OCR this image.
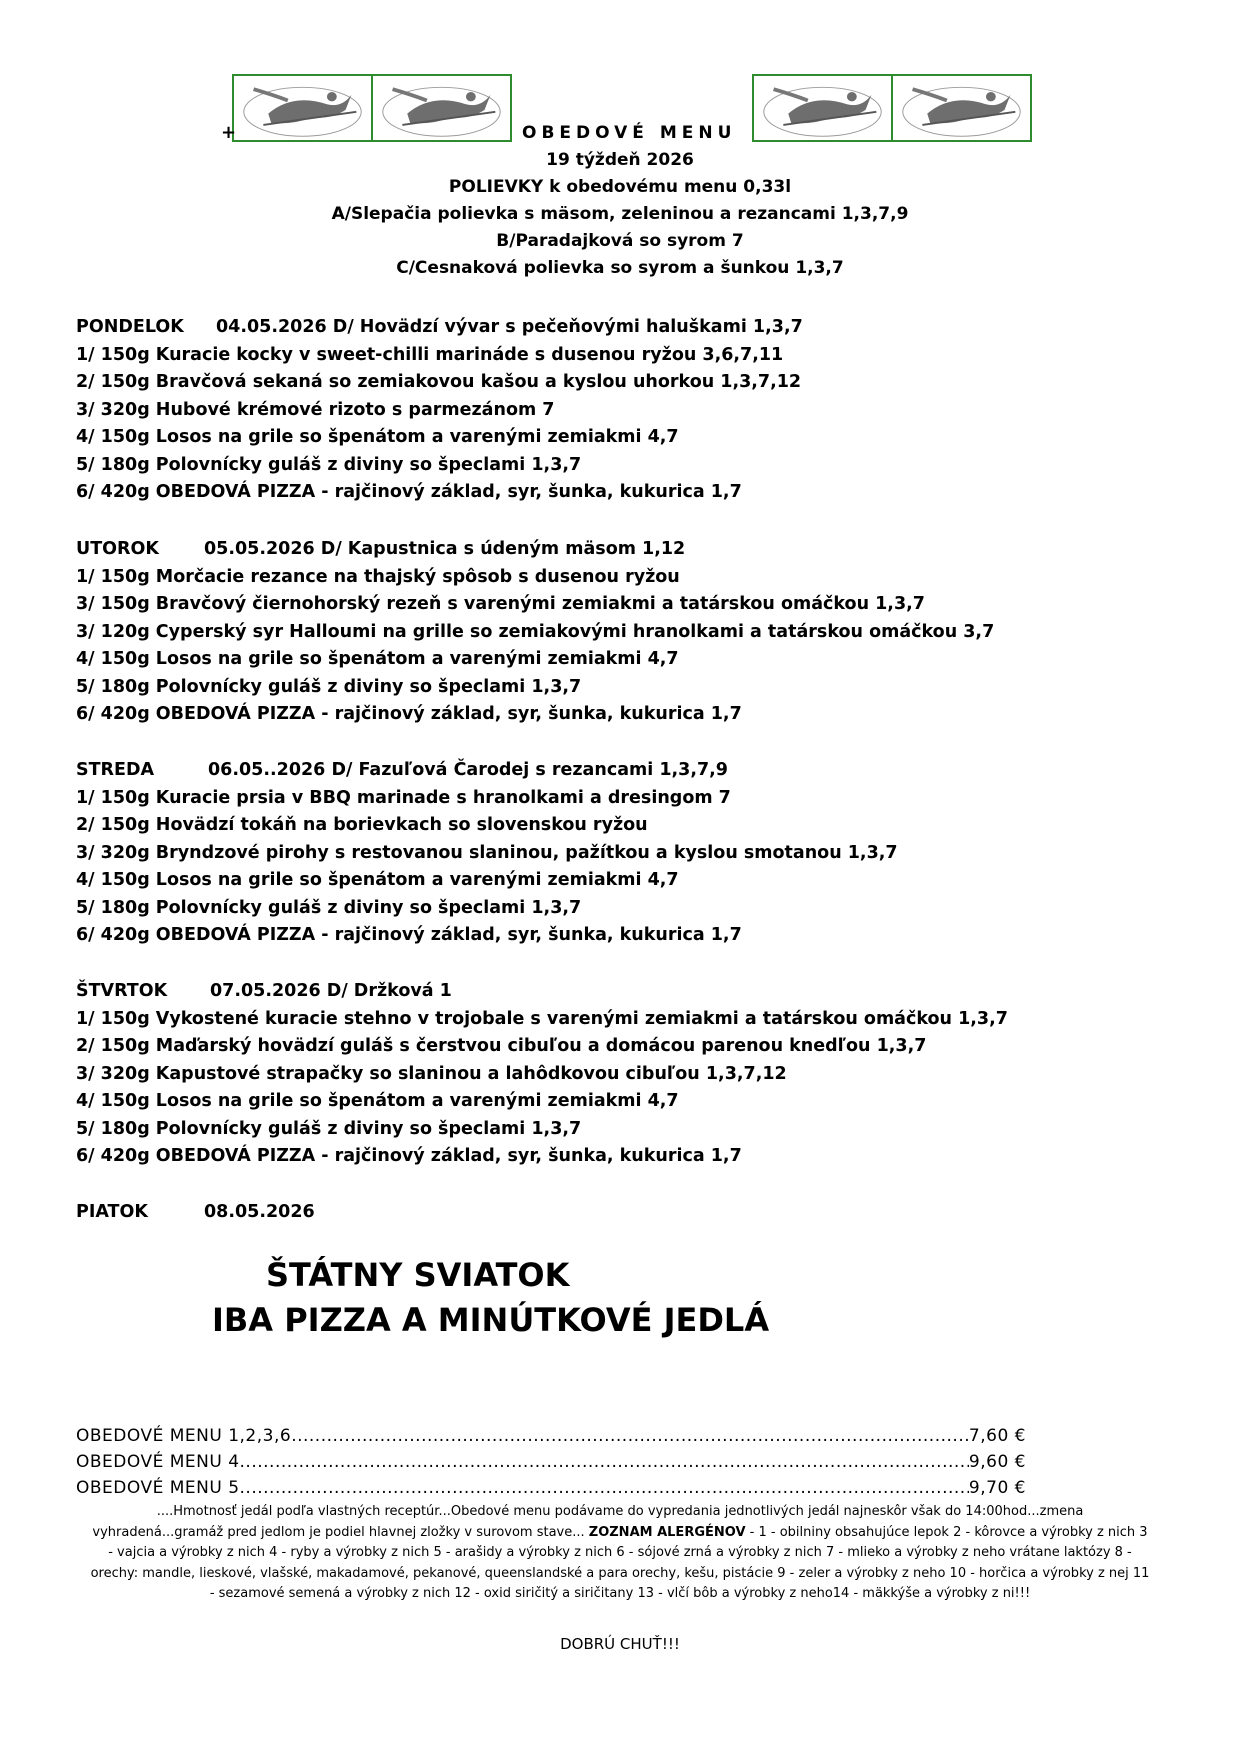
+	OBEDOVÉ MENU
19 týždeň 2026
POLIEVKY k obedovému menu 0,33l
A/Slepačia polievka s mäsom, zeleninou a rezancami 1,3,7,9
B/Paradajková so syrom 7
C/Cesnaková polievka so syrom a šunkou 1,3,7
PONDELOK 04.05.2026 D/ Hovädzí vývar s pečeňovými haluškami 1,3,7
1/ 150g Kuracie kocky v sweet-chilli marináde s dusenou ryžou 3,6,7,11
2/ 150g Bravčová sekaná so zemiakovou kašou a kyslou uhorkou 1,3,7,12
3/ 320g Hubové krémové rizoto s parmezánom 7
4/ 150g Losos na grile so špenátom a varenými zemiakmi 4,7
5/ 180g Polovnícky guláš z diviny so špeclami 1,3,7
6/ 420g OBEDOVÁ PIZZA - rajčinový základ, syr, šunka, kukurica 1,7
UTOROK	05.05.2026 D/ Kapustnica s údeným mäsom 1,12
1/ 150g Morčacie rezance na thajský spôsob s dusenou ryžou
3/ 150g Bravčový čiernohorský rezeň s varenými zemiakmi a tatárskou omáčkou 1,3,7
3/ 120g Cyperský syr Halloumi na grille so zemiakovými hranolkami a tatárskou omáčkou 3,7
4/ 150g Losos na grile so špenátom a varenými zemiakmi 4,7
5/ 180g Polovnícky guláš z diviny so špeclami 1,3,7
6/ 420g OBEDOVÁ PIZZA - rajčinový základ, syr, šunka, kukurica 1,7
STREDA	06.05..2026 D/ Fazuľová Čarodej s rezancami 1,3,7,9
1/ 150g Kuracie prsia v BBQ marinade s hranolkami a dresingom 7
2/ 150g Hovädzí tokáň na borievkach so slovenskou ryžou
3/ 320g Bryndzové pirohy s restovanou slaninou, pažítkou a kyslou smotanou 1,3,7
4/ 150g Losos na grile so špenátom a varenými zemiakmi 4,7
5/ 180g Polovnícky guláš z diviny so špeclami 1,3,7
6/ 420g OBEDOVÁ PIZZA - rajčinový základ, syr, šunka, kukurica 1,7
ŠTVRTOK 07.05.2026 D/ Držková 1
1/ 150g Vykostené kuracie stehno v trojobale s varenými zemiakmi a tatárskou omáčkou 1,3,7
2/ 150g Maďarský hovädzí guláš s čerstvou cibuľou a domácou parenou knedľou 1,3,7
3/ 320g Kapustové strapačky so slaninou a lahôdkovou cibuľou 1,3,7,12
4/ 150g Losos na grile so špenátom a varenými zemiakmi 4,7
5/ 180g Polovnícky guláš z diviny so špeclami 1,3,7
6/ 420g OBEDOVÁ PIZZA - rajčinový základ, syr, šunka, kukurica 1,7
PIATOK	08.05.2026
ŠTÁTNY SVIATOK
IBA PIZZA A MINÚTKOVÉ JEDLÁ
OBEDOVÉ MENU 1,2,3,6 .....	7,60 €
OBEDOVÉ MENU 4 .....	9,60 €
OBEDOVÉ MENU 5 .....	9,70 €
....Hmotnosť jedál podľa vlastných receptúr...Obedové menu podávame do vypredania jednotlivých jedál najneskôr však do 14:00hod...zmena vyhradená...gramáž pred jedlom je podiel hlavnej zložky v surovom stave... ZOZNAM ALERGÉNOV - 1 - obilniny obsahujúce lepok 2 - kôrovce a výrobky z nich 3 - vajcia a výrobky z nich 4 - ryby a výrobky z nich 5 - arašidy a výrobky z nich 6 - sójové zrná a výrobky z nich 7 - mlieko a výrobky z neho vrátane laktózy 8 - orechy: mandle, lieskové, vlašské, makadamové, pekanové, queenslandské a para orechy, kešu, pistácie 9 - zeler a výrobky z neho 10 - horčica a výrobky z nej 11 - sezamové semená a výrobky z nich 12 - oxid siričitý a siričitany 13 - vlčí bôb a výrobky z neho14 - mäkkýše a výrobky z ni!!!
DOBRÚ CHUŤ!!!
